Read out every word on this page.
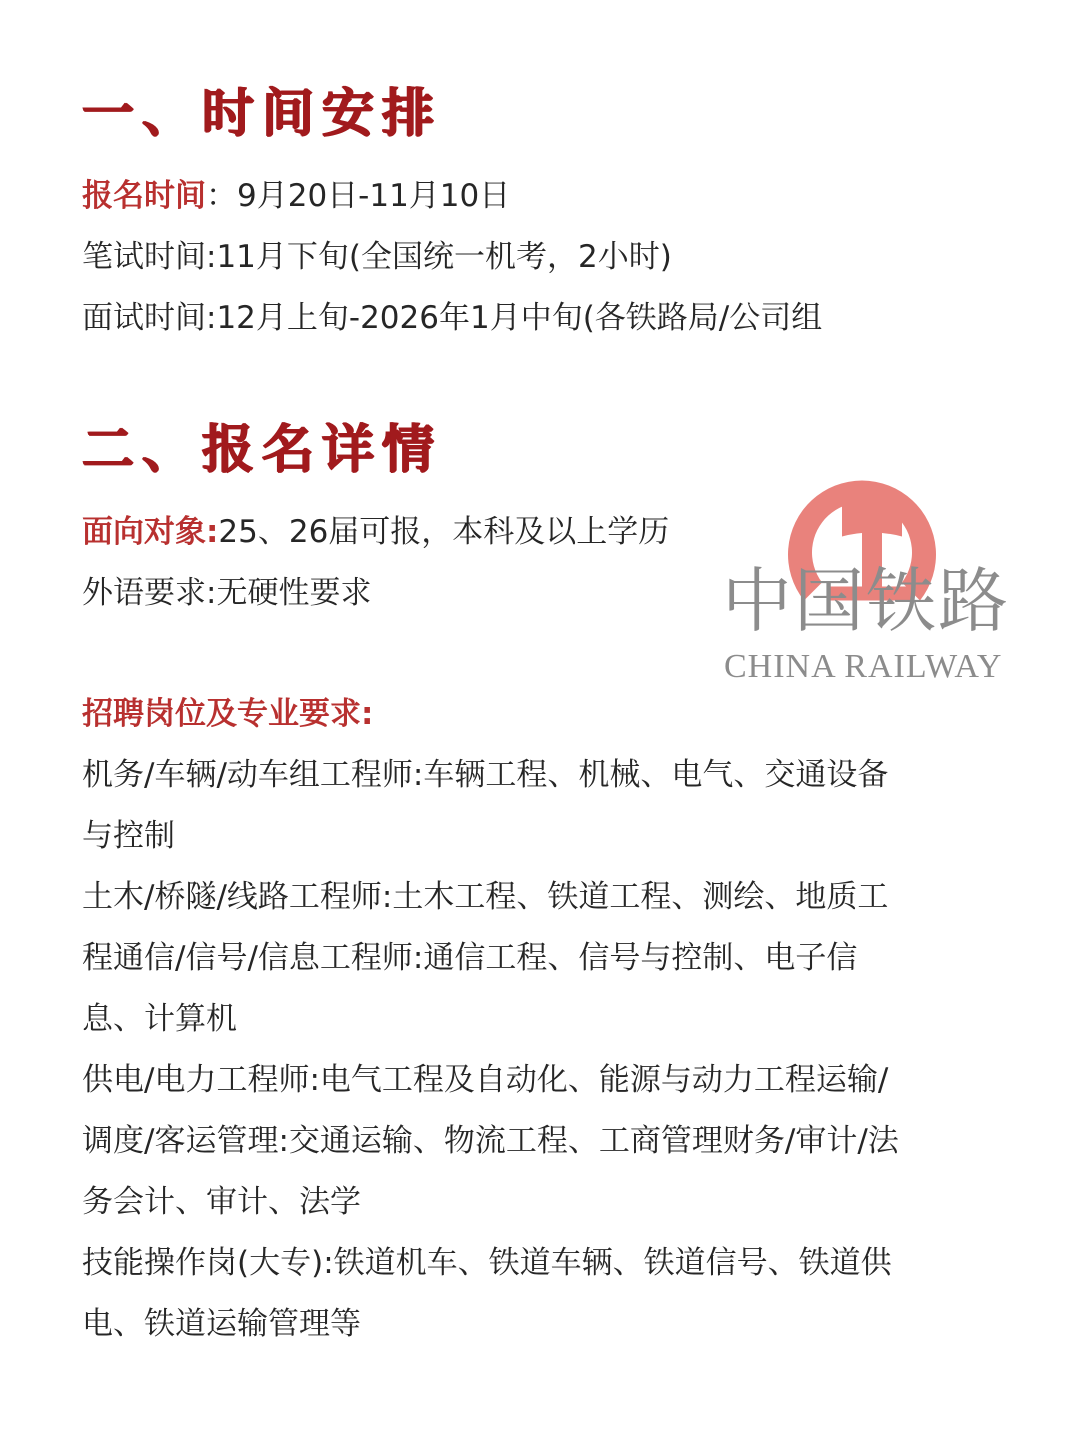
一、时间安排
报名时间：9月20日-11月10日
笔试时间:11月下旬(全国统一机考，2小时)
面试时间:12月上旬-2026年1月中旬(各铁路局/公司组
二、报名详情
面向对象:25、26届可报，本科及以上学历
外语要求:无硬性要求
招聘岗位及专业要求:
机务/车辆/动车组工程师:车辆工程、机械、电气、交通设备
与控制
土木/桥隧/线路工程师:土木工程、铁道工程、测绘、地质工
程通信/信号/信息工程师:通信工程、信号与控制、电子信
息、计算机
供电/电力工程师:电气工程及自动化、能源与动力工程运输/
调度/客运管理:交通运输、物流工程、工商管理财务/审计/法
务会计、审计、法学
技能操作岗(大专):铁道机车、铁道车辆、铁道信号、铁道供
电、铁道运输管理等
中国铁路
CHINA RAILWAY
